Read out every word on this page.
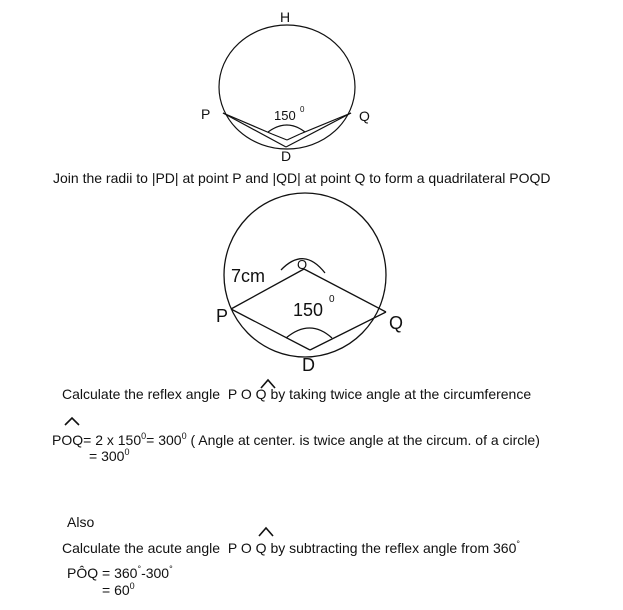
H
P	Q
D
150 0
7cm
O
P	Q
D
150
0
Join the radii to |PD| at point P and |QD| at point Q to form a quadrilateral POQD
Calculate the reflex angle P O Q by taking twice angle at the circumference
POQ= 2 x $150^0= 300^0$ ( Angle at center. is twice angle at the circum. of a circle)
= $300^0$
Also
Calculate the acute angle P O Q by subtracting the reflex angle from 360°
PÔQ = 360°-300°
= $60^0$
